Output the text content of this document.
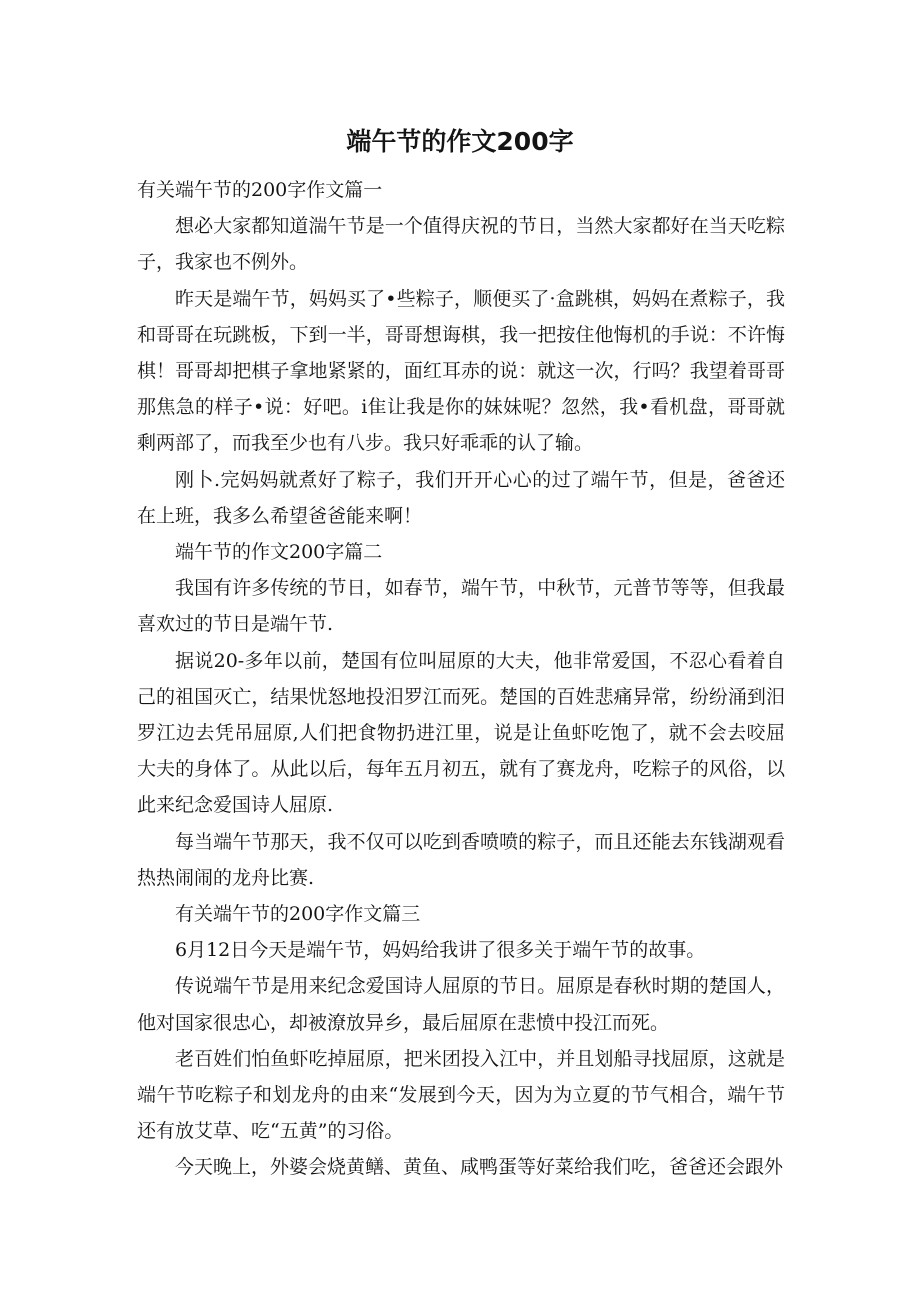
端午节的作文200字

有关端午节的200字作文篇一

想必大家都知道湍午节是一个值得庆祝的节日，当然大家都好在当天吃粽子，我家也不例外。

昨天是端午节，妈妈买了•些粽子，顺便买了·盒跳棋，妈妈在煮粽子，我和哥哥在玩跳板，下到一半，哥哥想诲棋，我一把按住他悔机的手说：不许悔棋！哥哥却把棋子拿地紧紧的，面红耳赤的说：就这一次，行吗？我望着哥哥那焦急的样子•说：好吧。i隹让我是你的妹妹呢？忽然，我•看机盘，哥哥就剩两部了，而我至少也有八步。我只好乖乖的认了输。

刚卜.完妈妈就煮好了粽子，我们开开心心的过了端午节，但是，爸爸还在上班，我多么希望爸爸能来啊！

端午节的作文200字篇二

我国有许多传统的节日，如春节，端午节，中秋节，元普节等等，但我最喜欢过的节日是端午节.

据说20-多年以前，楚国有位叫屈原的大夫，他非常爱国，不忍心看着自己的祖国灭亡，结果忧怒地投汨罗江而死。楚国的百姓悲痛异常，纷纷涌到汨罗江边去凭吊屈原,人们把食物扔进江里，说是让鱼虾吃饱了，就不会去咬屈大夫的身体了。从此以后，每年五月初五，就有了赛龙舟，吃粽子的风俗，以此来纪念爱国诗人屈原.

每当端午节那天，我不仅可以吃到香喷喷的粽子，而且还能去东钱湖观看热热闹闹的龙舟比赛.

有关端午节的200字作文篇三

6月12日今天是端午节，妈妈给我讲了很多关于端午节的故事。

传说端午节是用来纪念爱国诗人屈原的节日。屈原是春秋时期的楚国人，他对国家很忠心，却被潦放异乡，最后屈原在悲愤中投江而死。

老百姓们怕鱼虾吃掉屈原，把米团投入江中，并且划船寻找屈原，这就是端午节吃粽子和划龙舟的由来“发展到今天，因为为立夏的节气相合，端午节还有放艾草、吃“五黄”的习俗。

今天晚上，外婆会烧黄鳝、黄鱼、咸鸭蛋等好菜给我们吃，爸爸还会跟外
